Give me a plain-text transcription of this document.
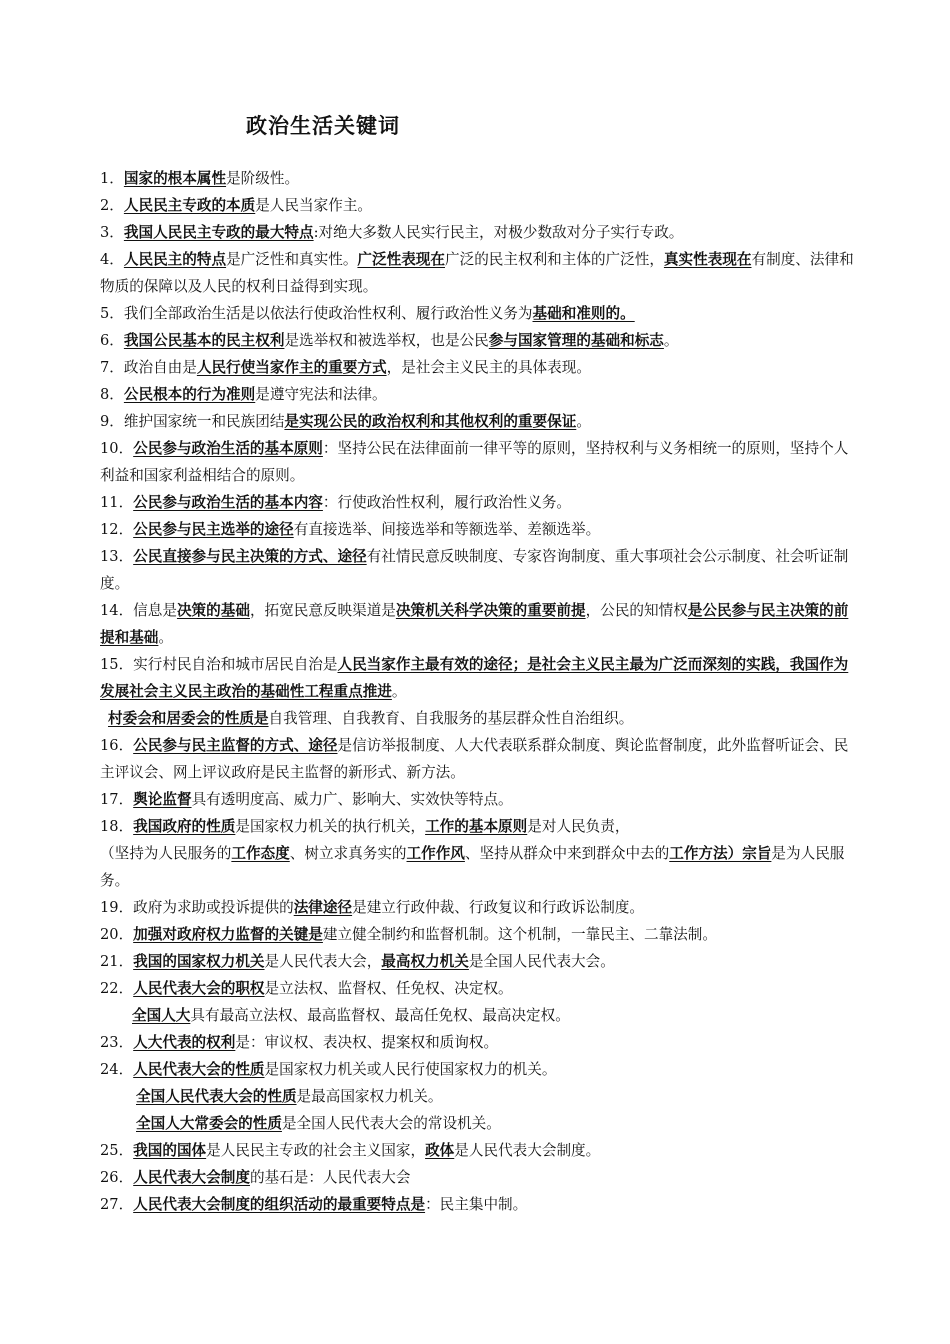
政治生活关键词

1．国家的根本属性是阶级性。

2．人民民主专政的本质是人民当家作主。

3．我国人民民主专政的最大特点:对绝大多数人民实行民主，对极少数敌对分子实行专政。

4．人民民主的特点是广泛性和真实性。广泛性表现在广泛的民主权利和主体的广泛性，真实性表现在有制度、法律和物质的保障以及人民的权利日益得到实现。

5．我们全部政治生活是以依法行使政治性权利、履行政治性义务为基础和准则的。

6．我国公民基本的民主权利是选举权和被选举权，也是公民参与国家管理的基础和标志。

7．政治自由是人民行使当家作主的重要方式，是社会主义民主的具体表现。

8．公民根本的行为准则是遵守宪法和法律。

9．维护国家统一和民族团结是实现公民的政治权利和其他权利的重要保证。

10．公民参与政治生活的基本原则：坚持公民在法律面前一律平等的原则，坚持权利与义务相统一的原则，坚持个人利益和国家利益相结合的原则。

11．公民参与政治生活的基本内容：行使政治性权利，履行政治性义务。

12．公民参与民主选举的途径有直接选举、间接选举和等额选举、差额选举。

13．公民直接参与民主决策的方式、途径有社情民意反映制度、专家咨询制度、重大事项社会公示制度、社会听证制度。

14．信息是决策的基础，拓宽民意反映渠道是决策机关科学决策的重要前提，公民的知情权是公民参与民主决策的前提和基础。

15．实行村民自治和城市居民自治是人民当家作主最有效的途径；是社会主义民主最为广泛而深刻的实践，我国作为发展社会主义民主政治的基础性工程重点推进。

村委会和居委会的性质是自我管理、自我教育、自我服务的基层群众性自治组织。

16．公民参与民主监督的方式、途径是信访举报制度、人大代表联系群众制度、舆论监督制度，此外监督听证会、民主评议会、网上评议政府是民主监督的新形式、新方法。

17．舆论监督具有透明度高、威力广、影响大、实效快等特点。

18．我国政府的性质是国家权力机关的执行机关，工作的基本原则是对人民负责，

（坚持为人民服务的工作态度、树立求真务实的工作作风、坚持从群众中来到群众中去的工作方法）宗旨是为人民服务。

19．政府为求助或投诉提供的法律途径是建立行政仲裁、行政复议和行政诉讼制度。

20．加强对政府权力监督的关键是建立健全制约和监督机制。这个机制，一靠民主、二靠法制。

21．我国的国家权力机关是人民代表大会，最高权力机关是全国人民代表大会。

22．人民代表大会的职权是立法权、监督权、任免权、决定权。

全国人大具有最高立法权、最高监督权、最高任免权、最高决定权。

23．人大代表的权利是：审议权、表决权、提案权和质询权。

24．人民代表大会的性质是国家权力机关或人民行使国家权力的机关。

全国人民代表大会的性质是最高国家权力机关。

全国人大常委会的性质是全国人民代表大会的常设机关。

25．我国的国体是人民民主专政的社会主义国家，政体是人民代表大会制度。

26．人民代表大会制度的基石是：人民代表大会

27．人民代表大会制度的组织活动的最重要特点是：民主集中制。
